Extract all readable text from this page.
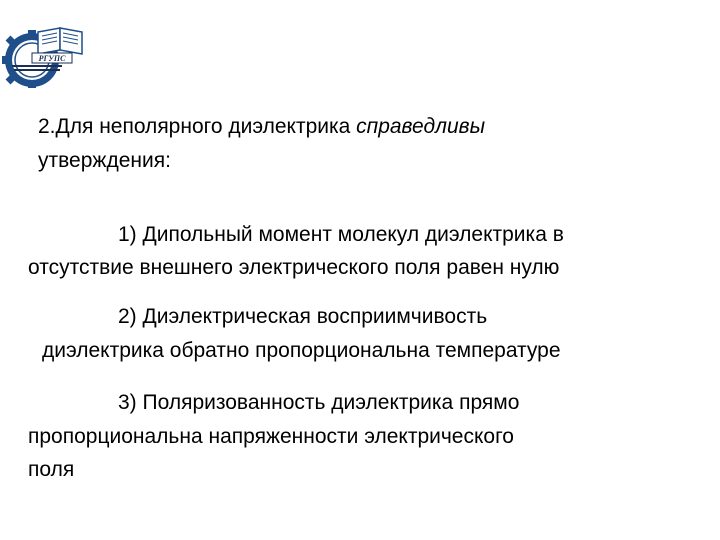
РГУПС
2.Для неполярного диэлектрика справедливы
утверждения:
1) Дипольный момент молекул диэлектрика в
отсутствие внешнего электрического поля равен нулю
2) Диэлектрическая восприимчивость
диэлектрика обратно пропорциональна температуре
3) Поляризованность диэлектрика прямо
пропорциональна напряженности электрического
поля
